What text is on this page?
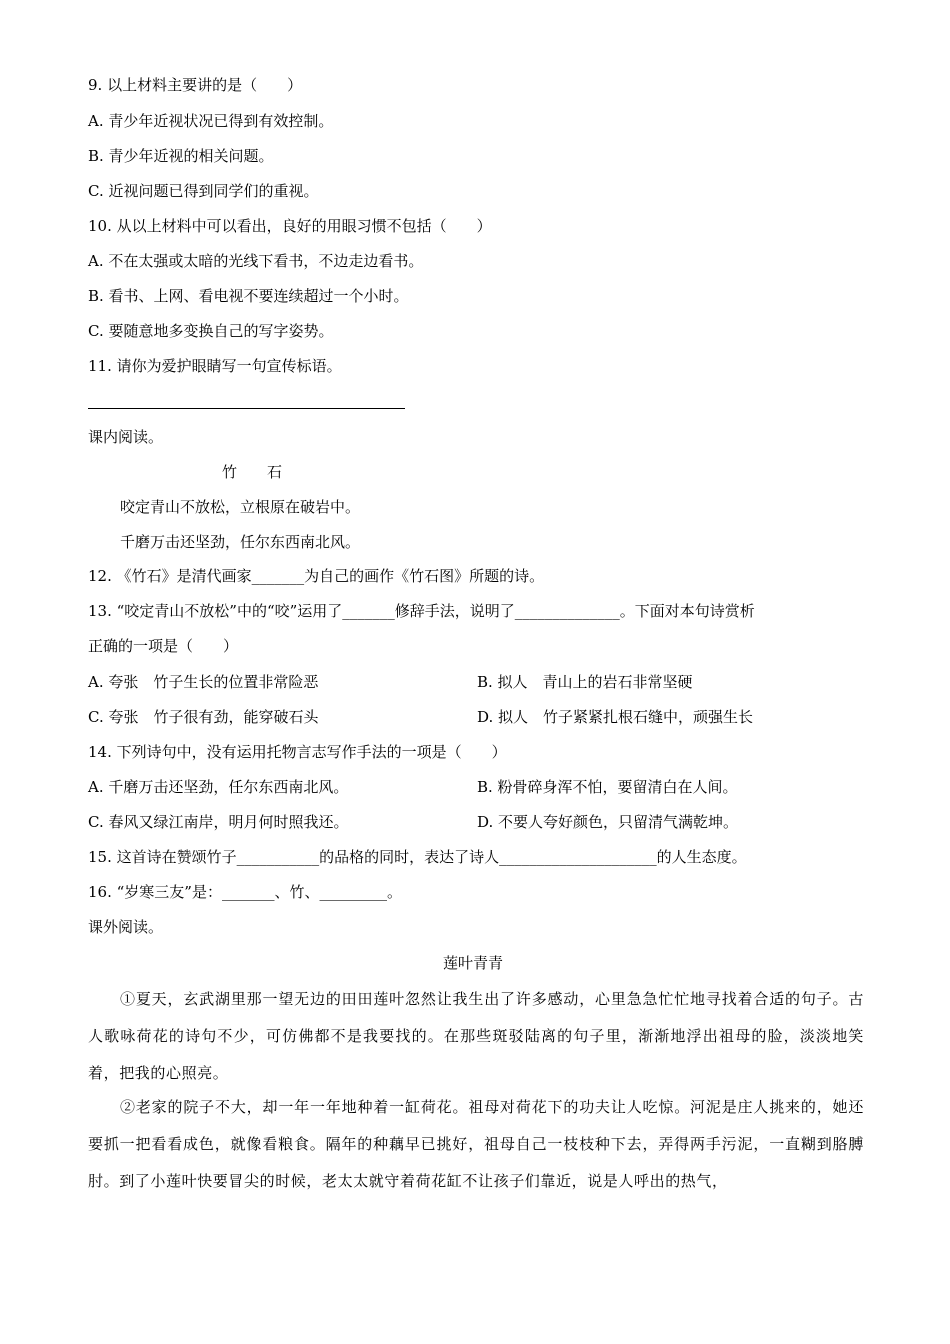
9. 以上材料主要讲的是（　　）
A. 青少年近视状况已得到有效控制。
B. 青少年近视的相关问题。
C. 近视问题已得到同学们的重视。
10. 从以上材料中可以看出，良好的用眼习惯不包括（　　）
A. 不在太强或太暗的光线下看书，不边走边看书。
B. 看书、上网、看电视不要连续超过一个小时。
C. 要随意地多变换自己的写字姿势。
11. 请你为爱护眼睛写一句宣传标语。
课内阅读。
竹　　石
咬定青山不放松，立根原在破岩中。
千磨万击还坚劲，任尔东西南北风。
12. 《竹石》是清代画家_______为自己的画作《竹石图》所题的诗。
13. “咬定青山不放松”中的“咬”运用了_______修辞手法，说明了______________。下面对本句诗赏析
正确的一项是（　　）
A. 夸张　竹子生长的位置非常险恶	B. 拟人　青山上的岩石非常坚硬
C. 夸张　竹子很有劲，能穿破石头	D. 拟人　竹子紧紧扎根石缝中，顽强生长
14. 下列诗句中，没有运用托物言志写作手法的一项是（　　）
A. 千磨万击还坚劲，任尔东西南北风。	B. 粉骨碎身浑不怕，要留清白在人间。
C. 春风又绿江南岸，明月何时照我还。	D. 不要人夸好颜色，只留清气满乾坤。
15. 这首诗在赞颂竹子___________的品格的同时，表达了诗人_____________________的人生态度。
16. “岁寒三友”是：_______、竹、_________。
课外阅读。
莲叶青青
①夏天，玄武湖里那一望无边的田田莲叶忽然让我生出了许多感动，心里急急忙忙地寻找着合适的句子。古人歌咏荷花的诗句不少，可仿佛都不是我要找的。在那些斑驳陆离的句子里，渐渐地浮出祖母的脸，淡淡地笑着，把我的心照亮。
②老家的院子不大，却一年一年地种着一缸荷花。祖母对荷花下的功夫让人吃惊。河泥是庄人挑来的，她还要抓一把看看成色，就像看粮食。隔年的种藕早已挑好，祖母自己一枝枝种下去，弄得两手污泥，一直糊到胳膊肘。到了小莲叶快要冒尖的时候，老太太就守着荷花缸不让孩子们靠近，说是人呼出的热气，
